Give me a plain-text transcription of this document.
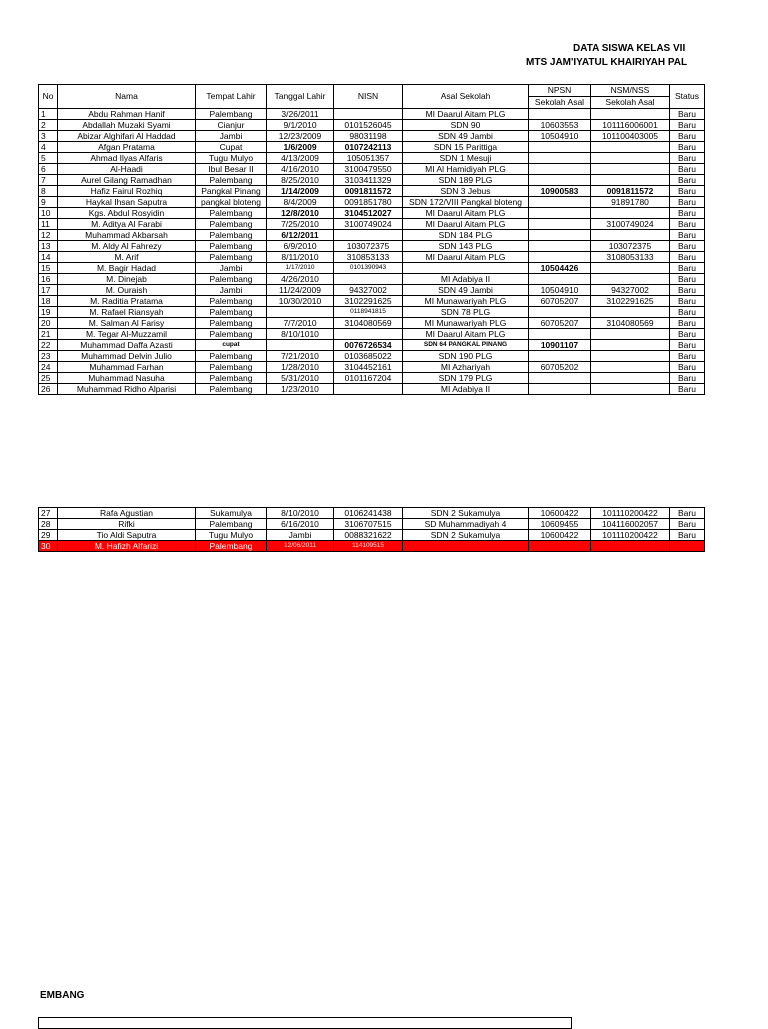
DATA SISWA KELAS VII
MTS JAM'IYATUL KHAIRIYAH PAL
No	Nama	Tempat Lahir	Tanggal Lahir	NISN	Asal Sekolah	NPSN	NSM/NSS	Status
						Sekolah Asal	Sekolah Asal	
1	Abdu Rahman Hanif	Palembang	3/26/2011		MI Daarul Aitam PLG			Baru
2	Abdallah Muzaki Syami	Cianjur	9/1/2010	0101526045	SDN 90	10603553	101116006001	Baru
3	Abizar Alghifari Al Haddad	Jambi	12/23/2009	98031198	SDN 49 Jambi	10504910	101100403005	Baru
4	Afgan Pratama	Cupat	1/6/2009	0107242113	SDN 15 Parittiga			Baru
5	Ahmad Ilyas Alfaris	Tugu Mulyo	4/13/2009	105051357	SDN 1 Mesuji			Baru
6	Al-Haadi	Ibul Besar II	4/16/2010	3100479550	MI Al Hamidiyah PLG			Baru
7	Aurel Gilang Ramadhan	Palembang	8/25/2010	3103411329	SDN 189 PLG			Baru
8	Hafiz Fairul Rozhiq	Pangkal Pinang	1/14/2009	0091811572	SDN 3 Jebus	10900583	0091811572	Baru
9	Haykal Ihsan Saputra	pangkal bloteng	8/4/2009	0091851780	SDN 172/VIII Pangkal bloteng		91891780	Baru
10	Kgs. Abdul Rosyidin	Palembang	12/8/2010	3104512027	MI Daarul Aitam PLG			Baru
11	M. Aditya Al Farabi	Palembang	7/25/2010	3100749024	MI Daarul Aitam PLG		3100749024	Baru
12	Muhammad Akbarsah	Palembang	6/12/2011		SDN 184 PLG			Baru
13	M. Aldy Al Fahrezy	Palembang	6/9/2010	103072375	SDN 143 PLG		103072375	Baru
14	M. Arif	Palembang	8/11/2010	310853133	MI Daarul Aitam PLG		3108053133	Baru
15	M. Bagir Hadad	Jambi	1/17/2010	0101390943		10504426		Baru
16	M. Dinejab	Palembang	4/26/2010		MI Adabiya II			Baru
17	M. Ouraish	Jambi	11/24/2009	94327002	SDN 49 Jambi	10504910	94327002	Baru
18	M. Raditia Pratama	Palembang	10/30/2010	3102291625	MI Munawariyah PLG	60705207	3102291625	Baru
19	M. Rafael Riansyah	Palembang		0118941815	SDN 78 PLG			Baru
20	M. Salman Al Farisy	Palembang	7/7/2010	3104080569	MI Munawariyah PLG	60705207	3104080569	Baru
21	M. Tegar Al-Muzzamil	Palembang	8/10/1010		MI Daarul Aitam PLG			Baru
22	Muhammad Daffa Azasti	cupat		0076726534	SDN 64 PANGKAL PINANG	10901107		Baru
23	Muhammad Delvin Julio	Palembang	7/21/2010	0103685022	SDN 190 PLG			Baru
24	Muhammad Farhan	Palembang	1/28/2010	3104452161	MI Azhariyah	60705202		Baru
25	Muhammad Nasuha	Palembang	5/31/2010	0101167204	SDN 179 PLG			Baru
26	Muhammad Ridho Alparisi	Palembang	1/23/2010		MI Adabiya II			Baru
27	Rafa Agustian	Sukamulya	8/10/2010	0106241438	SDN 2 Sukamulya	10600422	101110200422	Baru
28	Rifki	Palembang	6/16/2010	3106707515	SD Muhammadiyah 4	10609455	104116002057	Baru
29	Tio Aldi Saputra	Tugu Mulyo	Jambi	0088321622	SDN 2 Sukamulya	10600422	101110200422	Baru
30	M. Hafizh Alfarizi	Palembang	12/06/2011	114109515				
EMBANG
